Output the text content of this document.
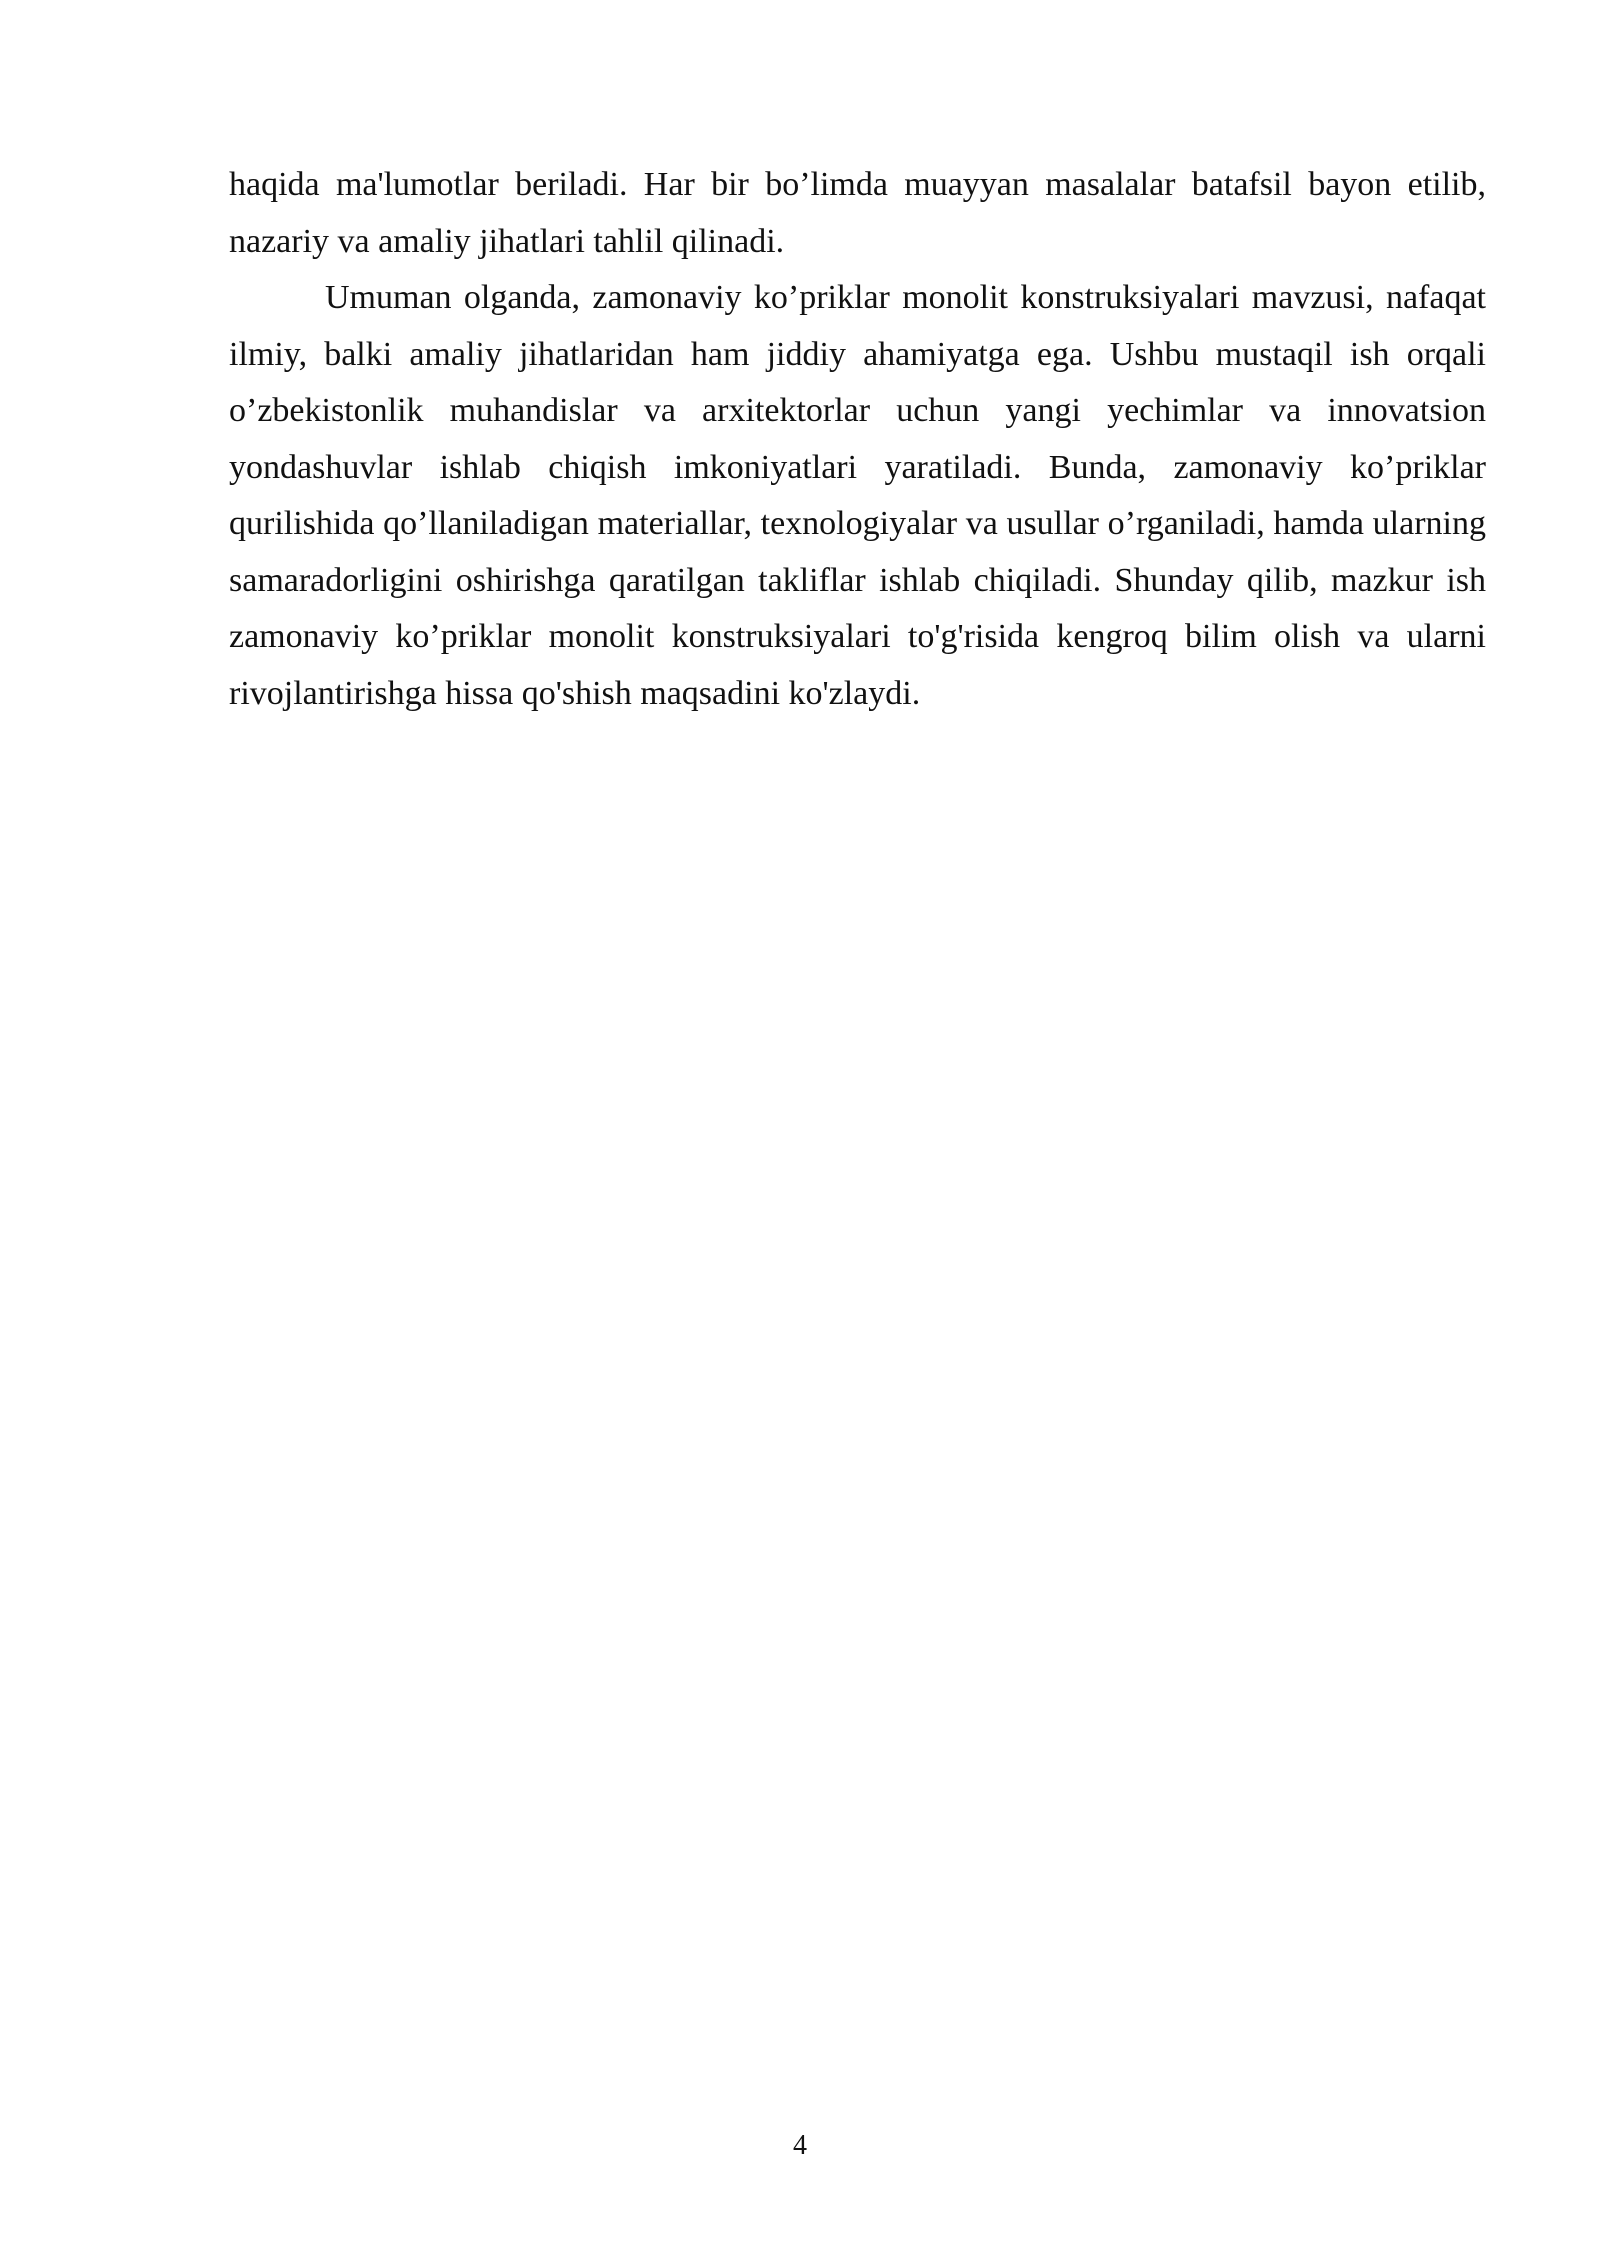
haqida ma'lumotlar beriladi. Har bir bo’limda muayyan masalalar batafsil bayon etilib, nazariy va amaliy jihatlari tahlil qilinadi.

Umuman olganda, zamonaviy ko’priklar monolit konstruksiyalari mavzusi, nafaqat ilmiy, balki amaliy jihatlaridan ham jiddiy ahamiyatga ega. Ushbu mustaqil ish orqali o’zbekistonlik muhandislar va arxitektorlar uchun yangi yechimlar va innovatsion yondashuvlar ishlab chiqish imkoniyatlari yaratiladi. Bunda, zamonaviy ko’priklar qurilishida qo’llaniladigan materiallar, texnologiyalar va usullar o’rganiladi, hamda ularning samaradorligini oshirishga qaratilgan takliflar ishlab chiqiladi. Shunday qilib, mazkur ish zamonaviy ko’priklar monolit konstruksiyalari to'g'risida kengroq bilim olish va ularni rivojlantirishga hissa qo'shish maqsadini ko'zlaydi.

4
